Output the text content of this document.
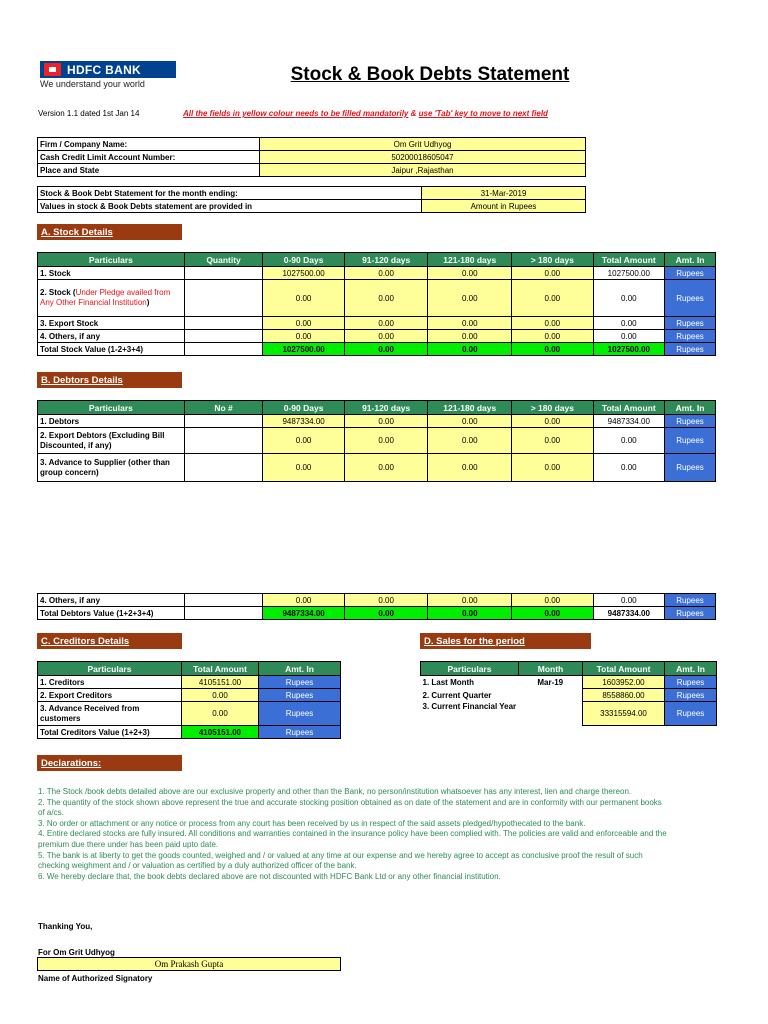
HDFC BANK
We understand your world	Stock & Book Debts Statement
Version 1.1 dated 1st Jan 14	All the fields in yellow colour needs to be filled mandatorily & use 'Tab' key to move to next field
Firm / Company Name:	Om Grit Udhyog
Cash Credit Limit Account Number:	50200018605047
Place and State	Jaipur ,Rajasthan
Stock & Book Debt Statement for the month ending:	31-Mar-2019
Values in stock & Book Debts statement are provided in	Amount in Rupees
A. Stock Details
Particulars	Quantity	0-90 Days	91-120 days	121-180 days	> 180 days	Total Amount	Amt. In
1. Stock		1027500.00	0.00	0.00	0.00	1027500.00	Rupees
2. Stock (Under Pledge availed from Any Other Financial Institution)		0.00	0.00	0.00	0.00	0.00	Rupees
3. Export Stock		0.00	0.00	0.00	0.00	0.00	Rupees
4. Others, if any		0.00	0.00	0.00	0.00	0.00	Rupees
Total Stock Value (1-2+3+4)		1027500.00	0.00	0.00	0.00	1027500.00	Rupees
B. Debtors Details
Particulars	No #	0-90 Days	91-120 days	121-180 days	> 180 days	Total Amount	Amt. In
1. Debtors		9487334.00	0.00	0.00	0.00	9487334.00	Rupees
2. Export Debtors (Excluding Bill Discounted, if any)		0.00	0.00	0.00	0.00	0.00	Rupees
3. Advance to Supplier (other than group concern)		0.00	0.00	0.00	0.00	0.00	Rupees
4. Others, if any		0.00	0.00	0.00	0.00	0.00	Rupees
Total Debtors Value (1+2+3+4)		9487334.00	0.00	0.00	0.00	9487334.00	Rupees
C. Creditors Details
Particulars	Total Amount	Amt. In
1. Creditors	4105151.00	Rupees
2. Export Creditors	0.00	Rupees
3. Advance Received from customers	0.00	Rupees
Total Creditors Value (1+2+3)	4105151.00	Rupees
D. Sales for the period
Particulars	Month	Total Amount	Amt. In
1. Last Month	Mar-19	1603952.00	Rupees
2. Current Quarter		8558860.00	Rupees
3. Current Financial Year		33315594.00	Rupees
Declarations:
1. The Stock /book debts detailed above are our exclusive property and other than the Bank, no person/institution whatsoever has any interest, lien and charge thereon.
2. The quantity of the stock shown above represent the true and accurate stocking position obtained as on date of the statement and are in conformity with our permanent books of a/cs.
3. No order or attachment or any notice or process from any court has been received by us in respect of the said assets pledged/hypothecated to the bank.
4. Entire declared stocks are fully insured. All conditions and warranties contained in the insurance policy have been complied with. The policies are valid and enforceable and the premium due there under has been paid upto date.
5. The bank is at liberty to get the goods counted, weighed and / or valued at any time at our expense and we hereby agree to accept as conclusive proof the result of such checking weighment and / or valuation as certified by a duly authorized officer of the bank.
6. We hereby declare that, the book debts declared above are not discounted with HDFC Bank Ltd or any other financial institution.
Thanking You,
For Om Grit Udhyog
Om Prakash Gupta
Name of Authorized Signatory
